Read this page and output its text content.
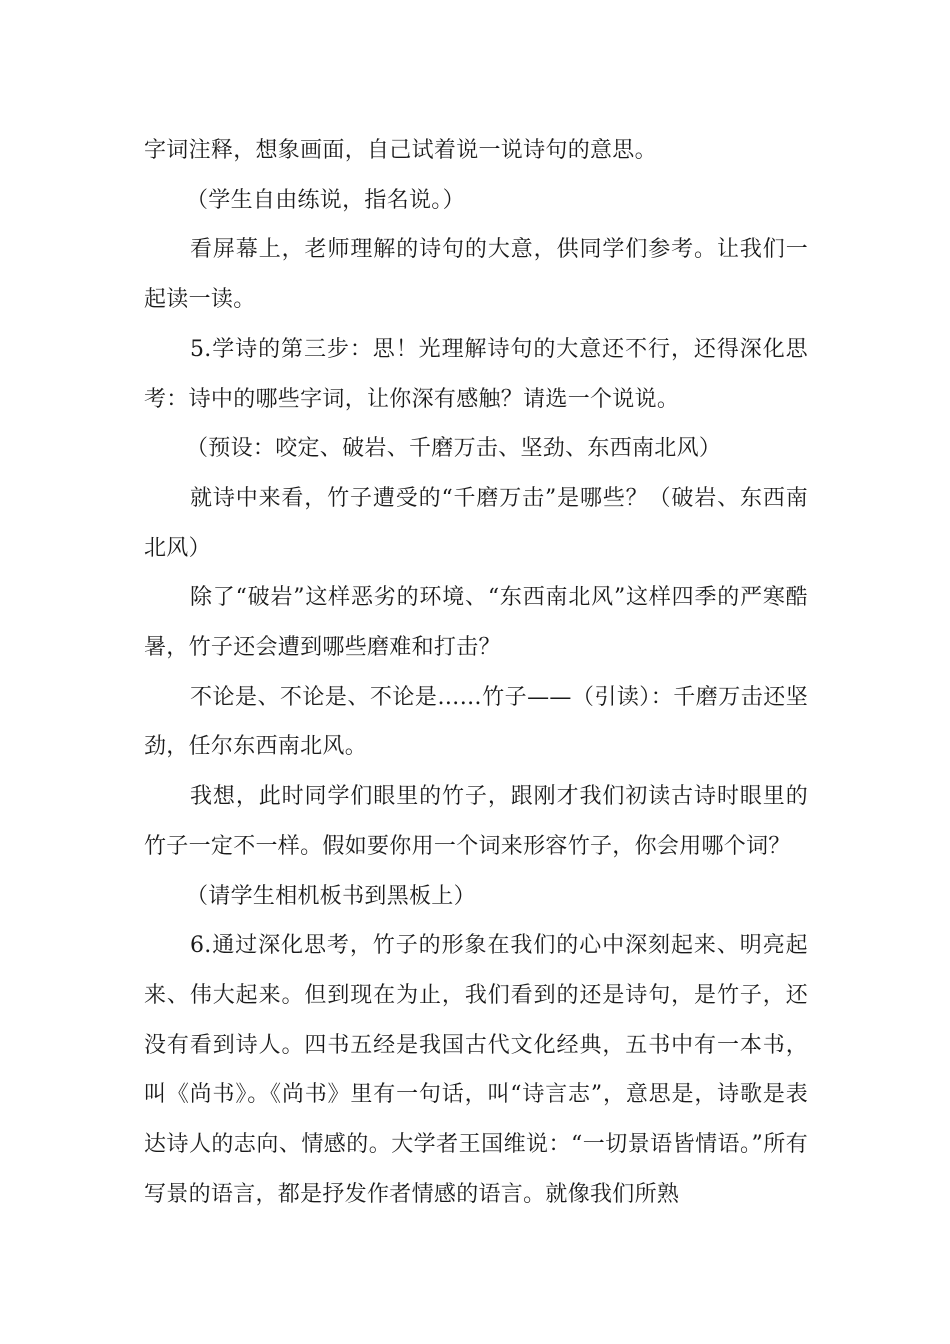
字词注释，想象画面，自己试着说一说诗句的意思。

（学生自由练说，指名说。）

看屏幕上，老师理解的诗句的大意，供同学们参考。让我们一起读一读。

5.学诗的第三步：思！光理解诗句的大意还不行，还得深化思考：诗中的哪些字词，让你深有感触？请选一个说说。

（预设：咬定、破岩、千磨万击、坚劲、东西南北风）

就诗中来看，竹子遭受的“千磨万击”是哪些？（破岩、东西南北风）

除了“破岩”这样恶劣的环境、“东西南北风”这样四季的严寒酷暑，竹子还会遭到哪些磨难和打击？

不论是、不论是、不论是……竹子——（引读）：千磨万击还坚劲，任尔东西南北风。

我想，此时同学们眼里的竹子，跟刚才我们初读古诗时眼里的竹子一定不一样。假如要你用一个词来形容竹子，你会用哪个词？

（请学生相机板书到黑板上）

6.通过深化思考，竹子的形象在我们的心中深刻起来、明亮起来、伟大起来。但到现在为止，我们看到的还是诗句，是竹子，还没有看到诗人。四书五经是我国古代文化经典，五书中有一本书，叫《尚书》。《尚书》里有一句话，叫“诗言志”，意思是，诗歌是表达诗人的志向、情感的。大学者王国维说：“一切景语皆情语。”所有写景的语言，都是抒发作者情感的语言。就像我们所熟
